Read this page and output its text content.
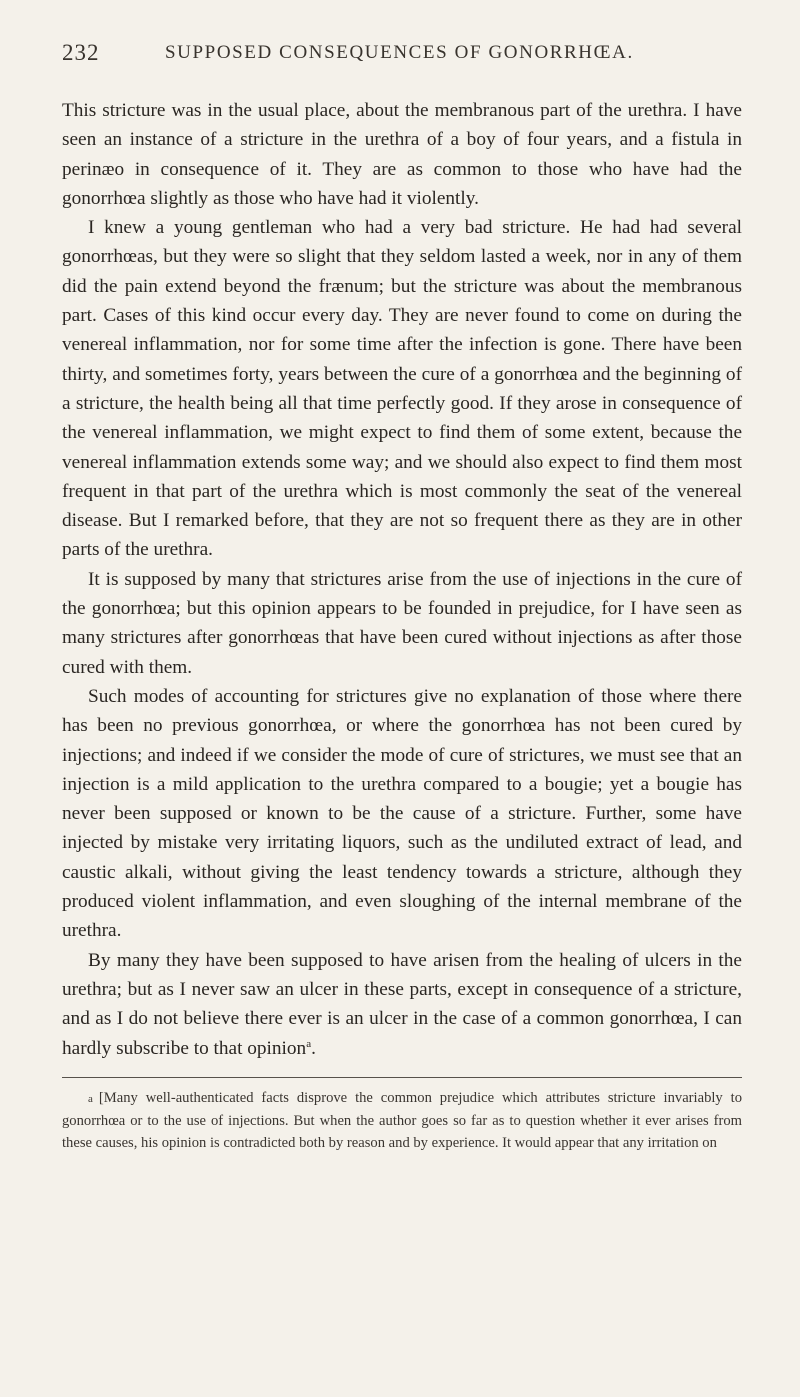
232	SUPPOSED CONSEQUENCES OF GONORRHŒA.

This stricture was in the usual place, about the membranous part of the urethra. I have seen an instance of a stricture in the urethra of a boy of four years, and a fistula in perinæo in consequence of it. They are as common to those who have had the gonorrhœa slightly as those who have had it violently.

I knew a young gentleman who had a very bad stricture. He had had several gonorrhœas, but they were so slight that they seldom lasted a week, nor in any of them did the pain extend beyond the frænum; but the stricture was about the membranous part. Cases of this kind occur every day. They are never found to come on during the venereal inflammation, nor for some time after the infection is gone. There have been thirty, and sometimes forty, years between the cure of a gonorrhœa and the beginning of a stricture, the health being all that time perfectly good. If they arose in consequence of the venereal inflammation, we might expect to find them of some extent, because the venereal inflammation extends some way; and we should also expect to find them most frequent in that part of the urethra which is most commonly the seat of the venereal disease. But I remarked before, that they are not so frequent there as they are in other parts of the urethra.

It is supposed by many that strictures arise from the use of injections in the cure of the gonorrhœa; but this opinion appears to be founded in prejudice, for I have seen as many strictures after gonorrhœas that have been cured without injections as after those cured with them.

Such modes of accounting for strictures give no explanation of those where there has been no previous gonorrhœa, or where the gonorrhœa has not been cured by injections; and indeed if we consider the mode of cure of strictures, we must see that an injection is a mild application to the urethra compared to a bougie; yet a bougie has never been supposed or known to be the cause of a stricture. Further, some have injected by mistake very irritating liquors, such as the undiluted extract of lead, and caustic alkali, without giving the least tendency towards a stricture, although they produced violent inflammation, and even sloughing of the internal membrane of the urethra.

By many they have been supposed to have arisen from the healing of ulcers in the urethra; but as I never saw an ulcer in these parts, except in consequence of a stricture, and as I do not believe there ever is an ulcer in the case of a common gonorrhœa, I can hardly subscribe to that opinion$^a$.

a [Many well-authenticated facts disprove the common prejudice which attributes stricture invariably to gonorrhœa or to the use of injections. But when the author goes so far as to question whether it ever arises from these causes, his opinion is contradicted both by reason and by experience. It would appear that any irritation on
